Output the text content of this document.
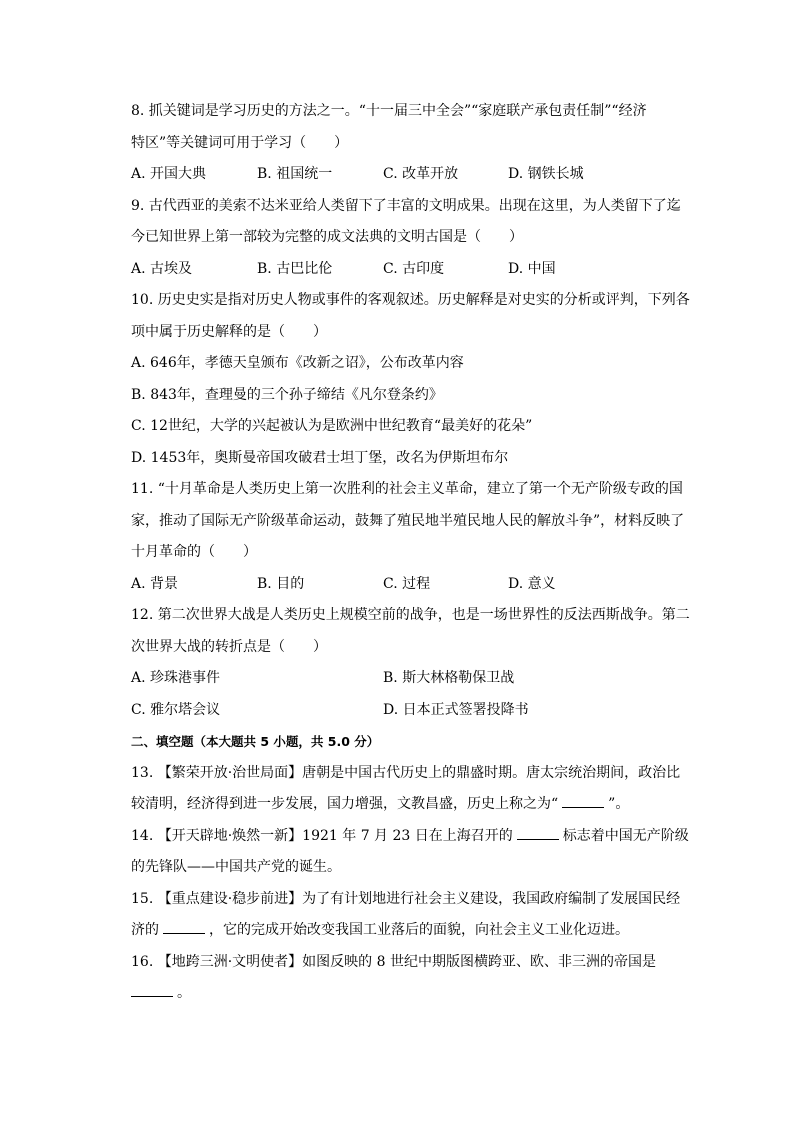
8. 抓关键词是学习历史的方法之一。“十一届三中全会”“家庭联产承包责任制”“经济
特区”等关键词可用于学习（　　）
A. 开国大典	B. 祖国统一	C. 改革开放	D. 钢铁长城
9. 古代西亚的美索不达米亚给人类留下了丰富的文明成果。出现在这里，为人类留下了迄
今已知世界上第一部较为完整的成文法典的文明古国是（　　）
A. 古埃及	B. 古巴比伦	C. 古印度	D. 中国
10. 历史史实是指对历史人物或事件的客观叙述。历史解释是对史实的分析或评判，下列各
项中属于历史解释的是（　　）
A. 646年，孝德天皇颁布《改新之诏》，公布改革内容
B. 843年，查理曼的三个孙子缔结《凡尔登条约》
C. 12世纪，大学的兴起被认为是欧洲中世纪教育“最美好的花朵”
D. 1453年，奥斯曼帝国攻破君士坦丁堡，改名为伊斯坦布尔
11. “十月革命是人类历史上第一次胜利的社会主义革命，建立了第一个无产阶级专政的国
家，推动了国际无产阶级革命运动，鼓舞了殖民地半殖民地人民的解放斗争”，材料反映了
十月革命的（　　）
A. 背景	B. 目的	C. 过程	D. 意义
12. 第二次世界大战是人类历史上规模空前的战争，也是一场世界性的反法西斯战争。第二
次世界大战的转折点是（　　）
A. 珍珠港事件	B. 斯大林格勒保卫战
C. 雅尔塔会议	D. 日本正式签署投降书
二、填空题（本大题共 5 小题，共 5.0 分）
13. 【繁荣开放·治世局面】唐朝是中国古代历史上的鼎盛时期。唐太宗统治期间，政治比
较清明，经济得到进一步发展，国力增强，文教昌盛，历史上称之为“	”。
14. 【开天辟地·焕然一新】1921 年 7 月 23 日在上海召开的	标志着中国无产阶级
的先锋队——中国共产党的诞生。
15. 【重点建设·稳步前进】为了有计划地进行社会主义建设，我国政府编制了发展国民经
济的	，它的完成开始改变我国工业落后的面貌，向社会主义工业化迈进。
16. 【地跨三洲·文明使者】如图反映的 8 世纪中期版图横跨亚、欧、非三洲的帝国是
。
